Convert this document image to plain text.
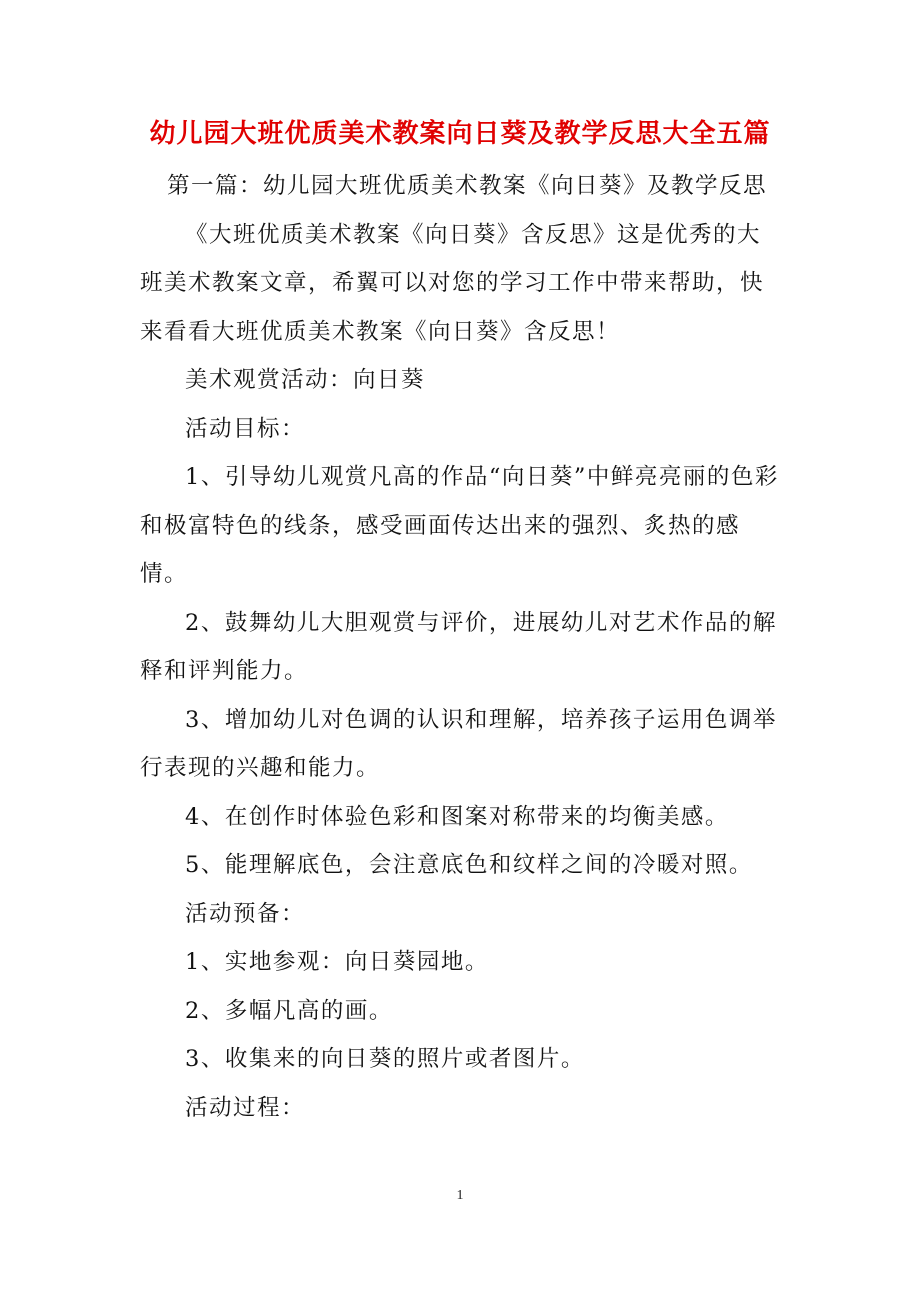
幼儿园大班优质美术教案向日葵及教学反思大全五篇

第一篇：幼儿园大班优质美术教案《向日葵》及教学反思

《大班优质美术教案《向日葵》含反思》这是优秀的大班美术教案文章，希翼可以对您的学习工作中带来帮助，快来看看大班优质美术教案《向日葵》含反思！

美术观赏活动：向日葵

活动目标：

1、引导幼儿观赏凡高的作品“向日葵”中鲜亮亮丽的色彩和极富特色的线条，感受画面传达出来的强烈、炙热的感情。

2、鼓舞幼儿大胆观赏与评价，进展幼儿对艺术作品的解释和评判能力。

3、增加幼儿对色调的认识和理解，培养孩子运用色调举行表现的兴趣和能力。

4、在创作时体验色彩和图案对称带来的均衡美感。

5、能理解底色，会注意底色和纹样之间的冷暖对照。

活动预备：

1、实地参观：向日葵园地。

2、多幅凡高的画。

3、收集来的向日葵的照片或者图片。

活动过程：

1
